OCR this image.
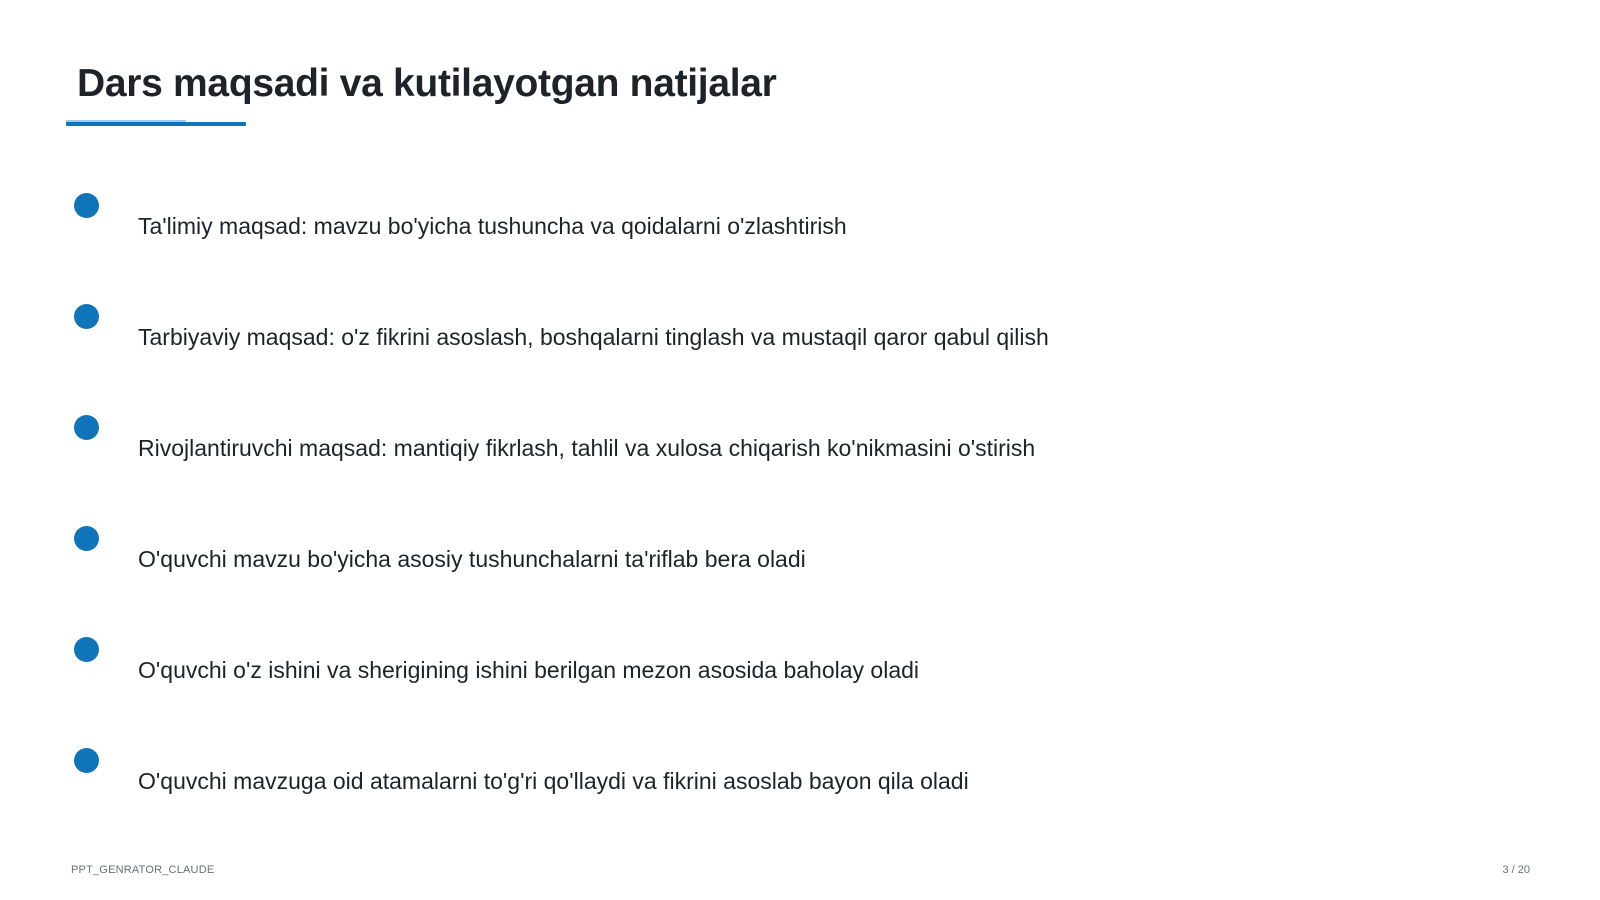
Dars maqsadi va kutilayotgan natijalar
Ta'limiy maqsad: mavzu bo'yicha tushuncha va qoidalarni o'zlashtirish
Tarbiyaviy maqsad: o'z fikrini asoslash, boshqalarni tinglash va mustaqil qaror qabul qilish
Rivojlantiruvchi maqsad: mantiqiy fikrlash, tahlil va xulosa chiqarish ko'nikmasini o'stirish
O'quvchi mavzu bo'yicha asosiy tushunchalarni ta'riflab bera oladi
O'quvchi o'z ishini va sherigining ishini berilgan mezon asosida baholay oladi
O'quvchi mavzuga oid atamalarni to'g'ri qo'llaydi va fikrini asoslab bayon qila oladi
PPT_GENRATOR_CLAUDE	3 / 20
